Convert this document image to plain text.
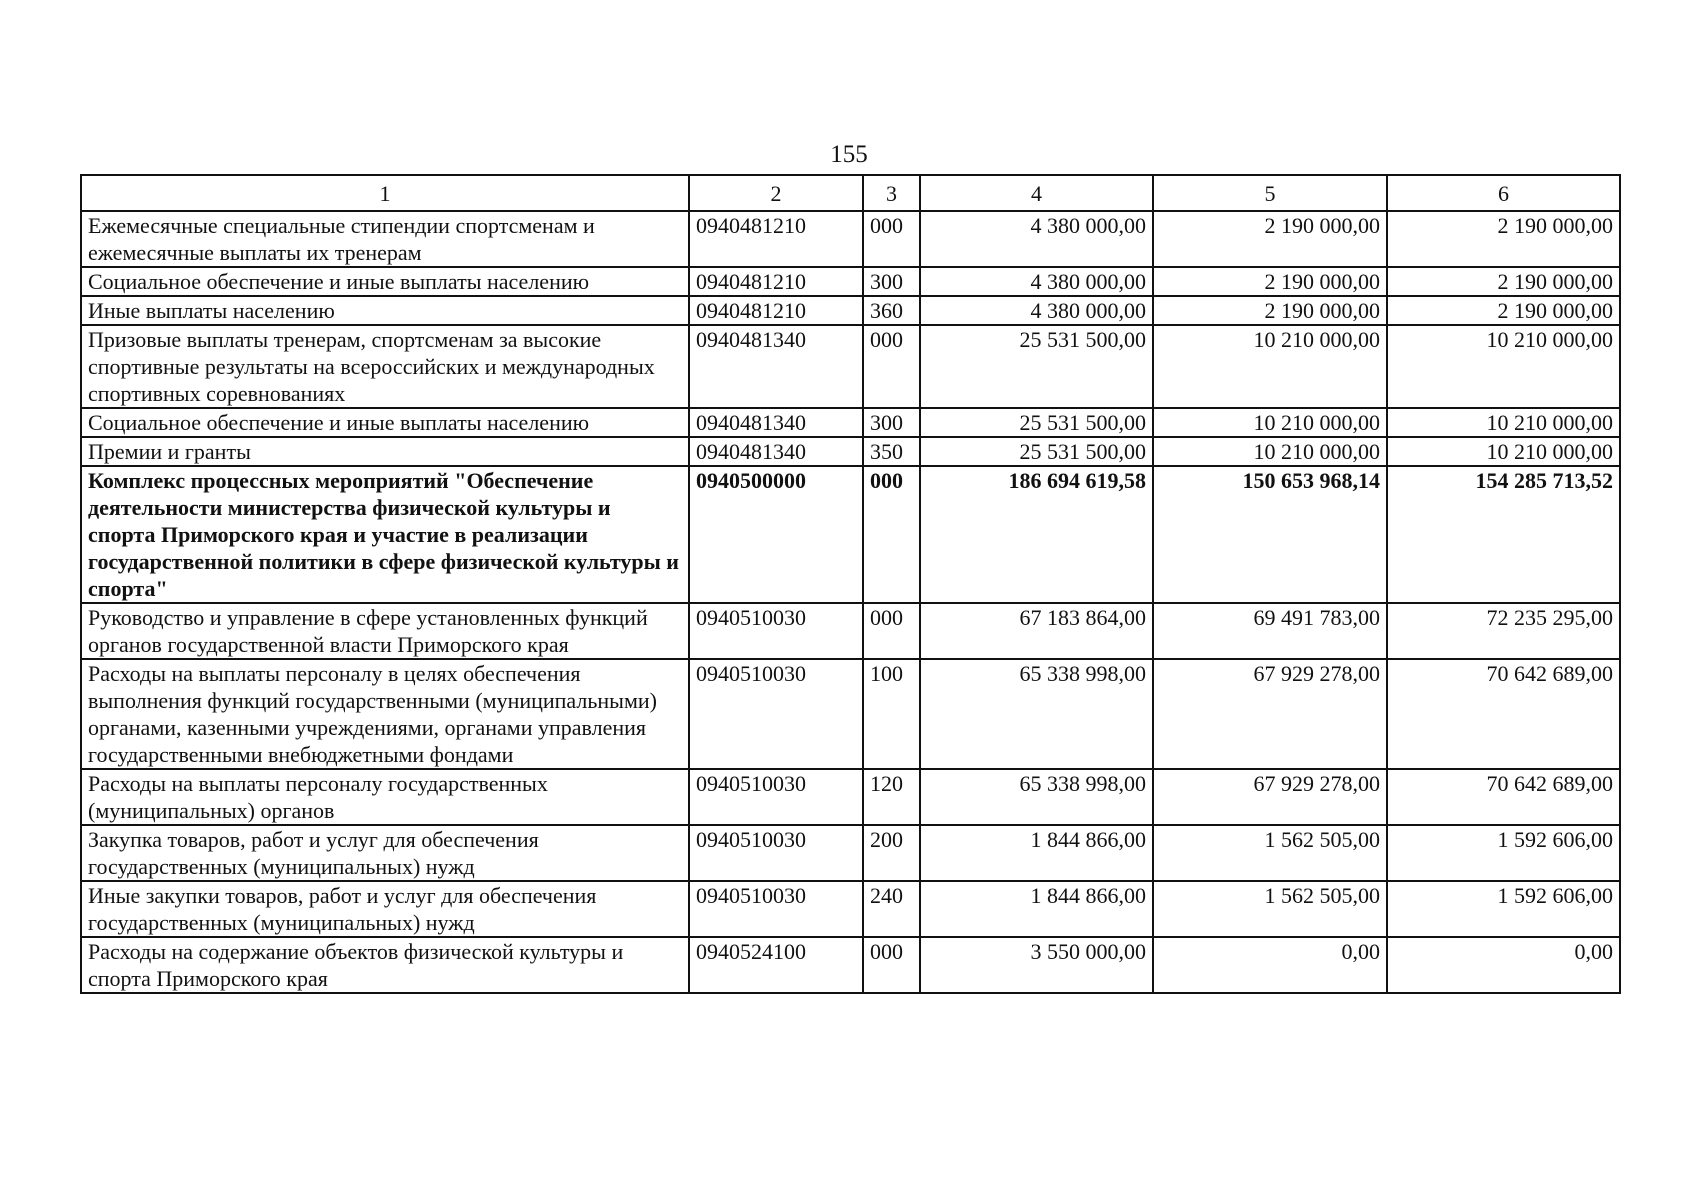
155
1	2	3	4	5	6
Ежемесячные специальные стипендии спортсменам и ежемесячные выплаты их тренерам	0940481210	000	4 380 000,00	2 190 000,00	2 190 000,00
Социальное обеспечение и иные выплаты населению	0940481210	300	4 380 000,00	2 190 000,00	2 190 000,00
Иные выплаты населению	0940481210	360	4 380 000,00	2 190 000,00	2 190 000,00
Призовые выплаты тренерам, спортсменам за высокие спортивные результаты на всероссийских и международных спортивных соревнованиях	0940481340	000	25 531 500,00	10 210 000,00	10 210 000,00
Социальное обеспечение и иные выплаты населению	0940481340	300	25 531 500,00	10 210 000,00	10 210 000,00
Премии и гранты	0940481340	350	25 531 500,00	10 210 000,00	10 210 000,00
Комплекс процессных мероприятий "Обеспечение деятельности министерства физической культуры и спорта Приморского края и участие в реализации государственной политики в сфере физической культуры и спорта"	0940500000	000	186 694 619,58	150 653 968,14	154 285 713,52
Руководство и управление в сфере установленных функций органов государственной власти Приморского края	0940510030	000	67 183 864,00	69 491 783,00	72 235 295,00
Расходы на выплаты персоналу в целях обеспечения выполнения функций государственными (муниципальными) органами, казенными учреждениями, органами управления государственными внебюджетными фондами	0940510030	100	65 338 998,00	67 929 278,00	70 642 689,00
Расходы на выплаты персоналу государственных (муниципальных) органов	0940510030	120	65 338 998,00	67 929 278,00	70 642 689,00
Закупка товаров, работ и услуг для обеспечения государственных (муниципальных) нужд	0940510030	200	1 844 866,00	1 562 505,00	1 592 606,00
Иные закупки товаров, работ и услуг для обеспечения государственных (муниципальных) нужд	0940510030	240	1 844 866,00	1 562 505,00	1 592 606,00
Расходы на содержание объектов физической культуры и спорта Приморского края	0940524100	000	3 550 000,00	0,00	0,00
